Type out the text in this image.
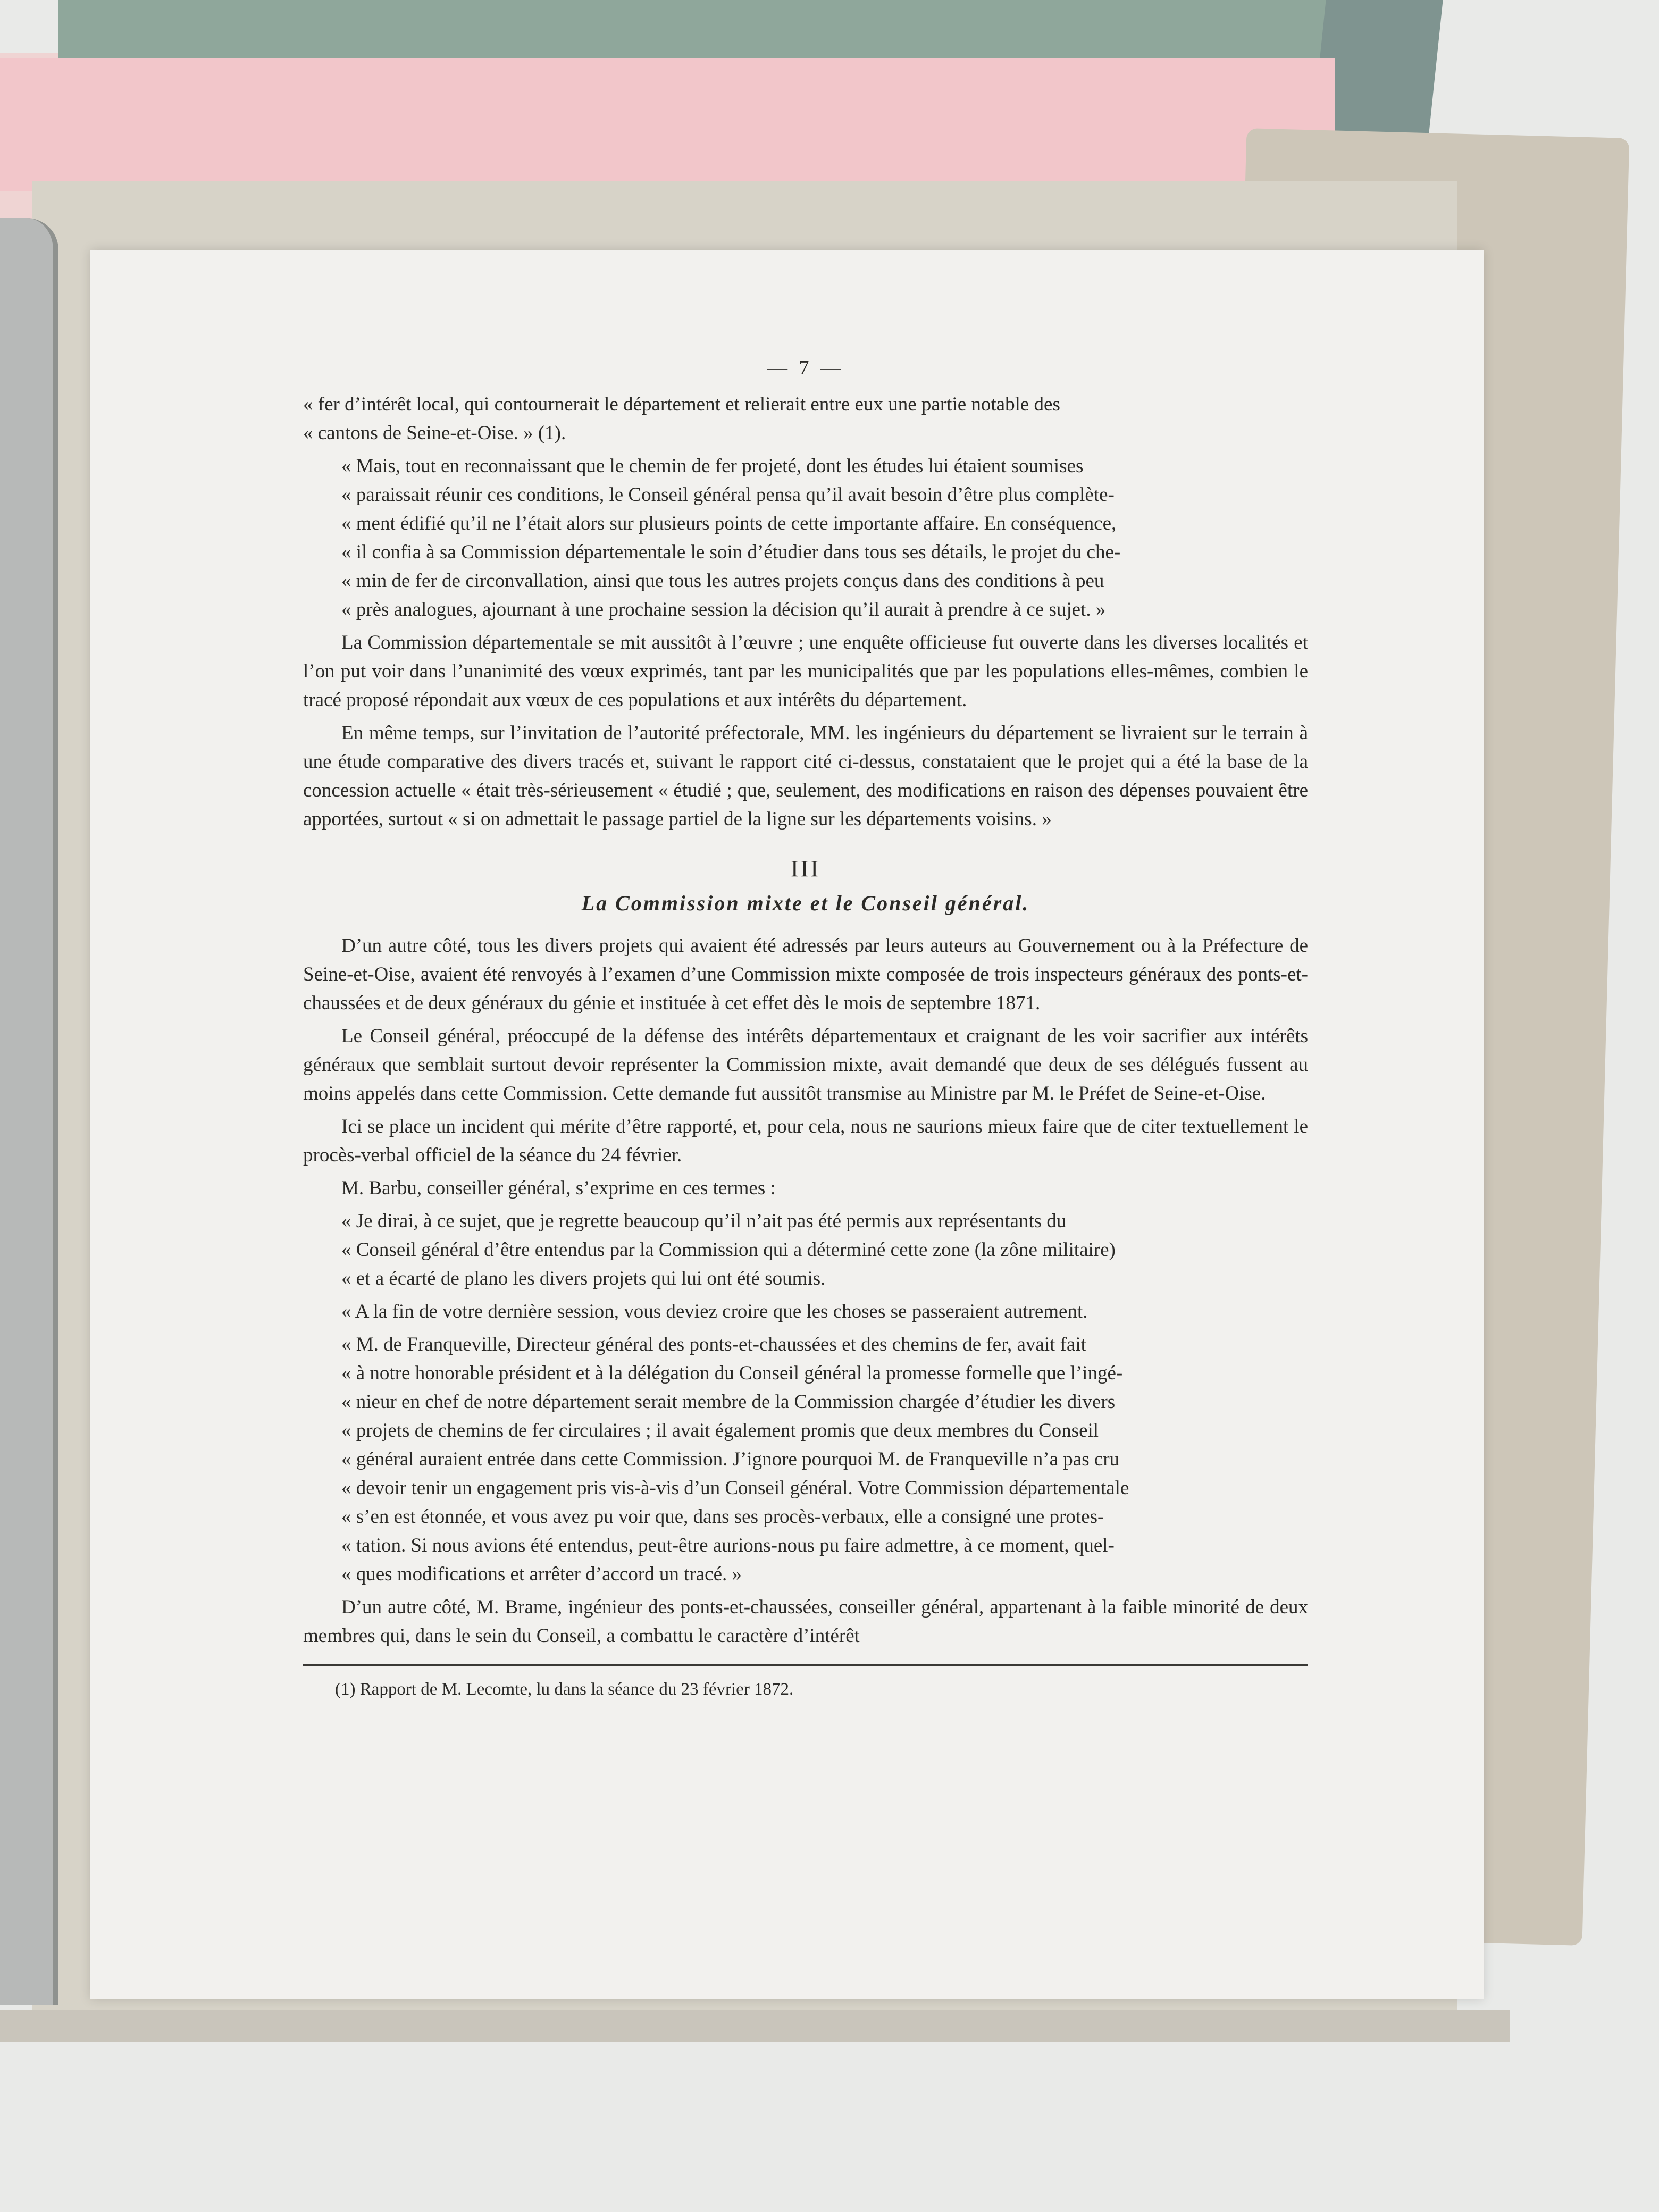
— 7 —

« fer d’intérêt local, qui contournerait le département et relierait entre eux une partie notable des
« cantons de Seine-et-Oise. » (1).

« Mais, tout en reconnaissant que le chemin de fer projeté, dont les études lui étaient soumises
« paraissait réunir ces conditions, le Conseil général pensa qu’il avait besoin d’être plus complète-
« ment édifié qu’il ne l’était alors sur plusieurs points de cette importante affaire. En conséquence,
« il confia à sa Commission départementale le soin d’étudier dans tous ses détails, le projet du che-
« min de fer de circonvallation, ainsi que tous les autres projets conçus dans des conditions à peu
« près analogues, ajournant à une prochaine session la décision qu’il aurait à prendre à ce sujet. »

La Commission départementale se mit aussitôt à l’œuvre ; une enquête officieuse fut ouverte dans les diverses localités et l’on put voir dans l’unanimité des vœux exprimés, tant par les municipalités que par les populations elles-mêmes, combien le tracé proposé répondait aux vœux de ces populations et aux intérêts du département.

En même temps, sur l’invitation de l’autorité préfectorale, MM. les ingénieurs du département se livraient sur le terrain à une étude comparative des divers tracés et, suivant le rapport cité ci-dessus, constataient que le projet qui a été la base de la concession actuelle « était très-sérieusement « étudié ; que, seulement, des modifications en raison des dépenses pouvaient être apportées, surtout « si on admettait le passage partiel de la ligne sur les départements voisins. »

III
La Commission mixte et le Conseil général.

D’un autre côté, tous les divers projets qui avaient été adressés par leurs auteurs au Gouvernement ou à la Préfecture de Seine-et-Oise, avaient été renvoyés à l’examen d’une Commission mixte composée de trois inspecteurs généraux des ponts-et-chaussées et de deux généraux du génie et instituée à cet effet dès le mois de septembre 1871.

Le Conseil général, préoccupé de la défense des intérêts départementaux et craignant de les voir sacrifier aux intérêts généraux que semblait surtout devoir représenter la Commission mixte, avait demandé que deux de ses délégués fussent au moins appelés dans cette Commission. Cette demande fut aussitôt transmise au Ministre par M. le Préfet de Seine-et-Oise.

Ici se place un incident qui mérite d’être rapporté, et, pour cela, nous ne saurions mieux faire que de citer textuellement le procès-verbal officiel de la séance du 24 février.

M. Barbu, conseiller général, s’exprime en ces termes :

« Je dirai, à ce sujet, que je regrette beaucoup qu’il n’ait pas été permis aux représentants du
« Conseil général d’être entendus par la Commission qui a déterminé cette zone (la zône militaire)
« et a écarté de plano les divers projets qui lui ont été soumis.

« A la fin de votre dernière session, vous deviez croire que les choses se passeraient autrement.

« M. de Franqueville, Directeur général des ponts-et-chaussées et des chemins de fer, avait fait
« à notre honorable président et à la délégation du Conseil général la promesse formelle que l’ingé-
« nieur en chef de notre département serait membre de la Commission chargée d’étudier les divers
« projets de chemins de fer circulaires ; il avait également promis que deux membres du Conseil
« général auraient entrée dans cette Commission. J’ignore pourquoi M. de Franqueville n’a pas cru
« devoir tenir un engagement pris vis-à-vis d’un Conseil général. Votre Commission départementale
« s’en est étonnée, et vous avez pu voir que, dans ses procès-verbaux, elle a consigné une protes-
« tation. Si nous avions été entendus, peut-être aurions-nous pu faire admettre, à ce moment, quel-
« ques modifications et arrêter d’accord un tracé. »

D’un autre côté, M. Brame, ingénieur des ponts-et-chaussées, conseiller général, appartenant à la faible minorité de deux membres qui, dans le sein du Conseil, a combattu le caractère d’intérêt

(1) Rapport de M. Lecomte, lu dans la séance du 23 février 1872.
